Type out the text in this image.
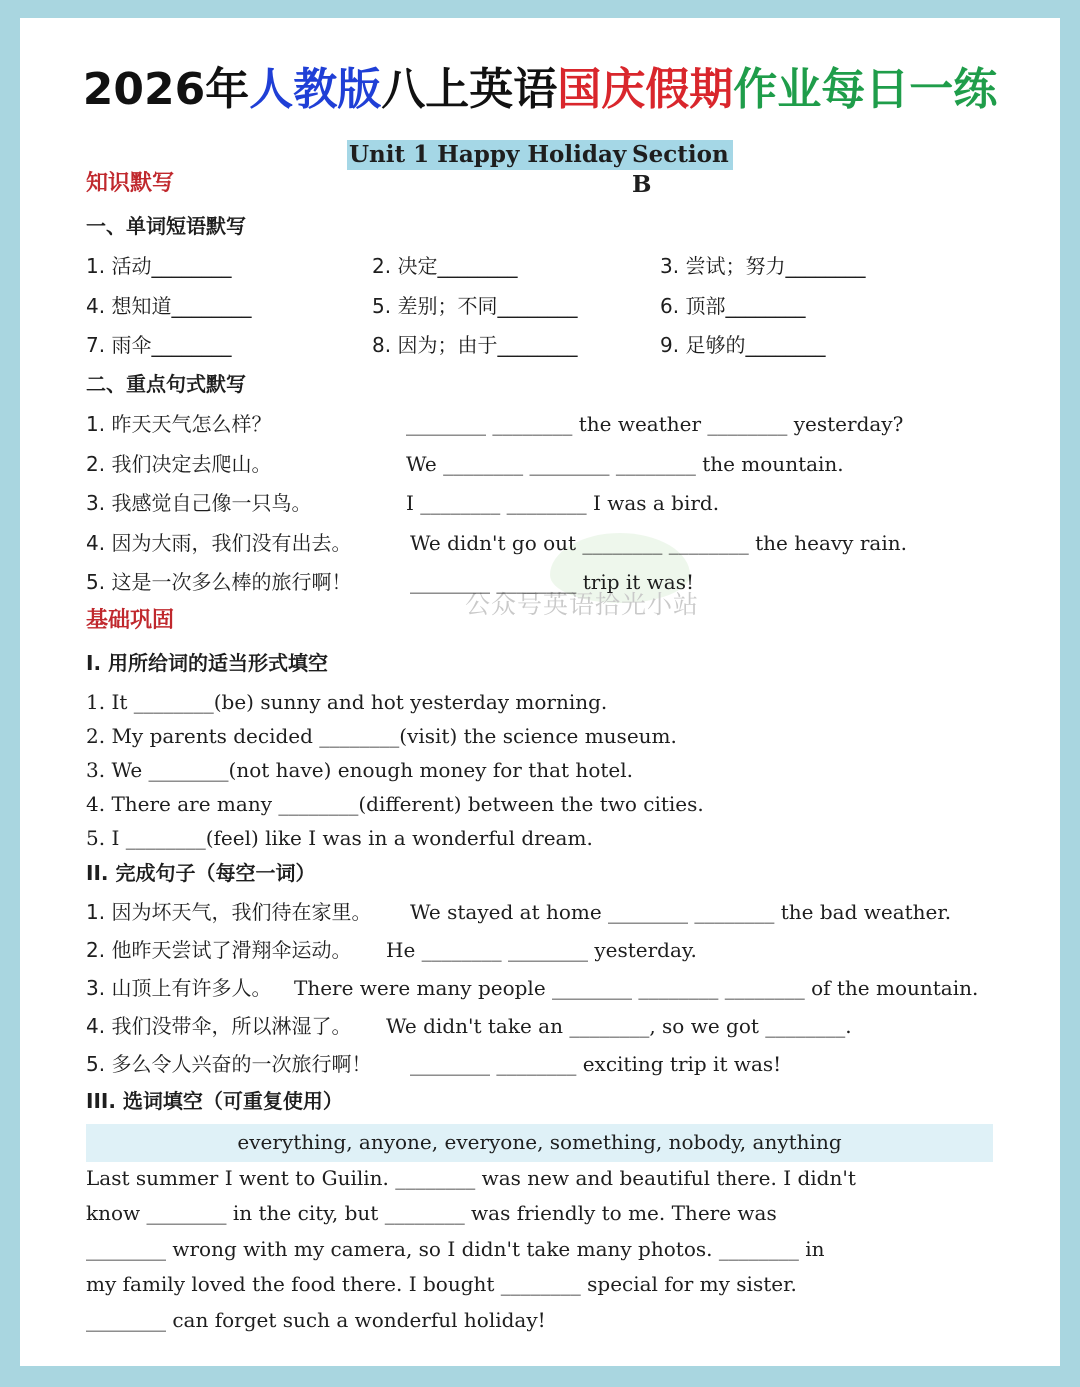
2026年人教版八上英语国庆假期作业每日一练
Unit 1 Happy Holiday Section B
公众号英语拾光小站
知识默写
一、单词短语默写
1. 活动________	2. 决定________	3. 尝试；努力________
4. 想知道________	5. 差别；不同________	6. 顶部________
7. 雨伞________	8. 因为；由于________	9. 足够的________
二、重点句式默写
1. 昨天天气怎么样？	________ ________ the weather ________ yesterday?
2. 我们决定去爬山。	We ________ ________ ________ the mountain.
3. 我感觉自己像一只鸟。	I ________ ________ I was a bird.
4. 因为大雨，我们没有出去。	We didn't go out ________ ________ the heavy rain.
5. 这是一次多么棒的旅行啊！	________ ________ trip it was!
基础巩固
I. 用所给词的适当形式填空
1. It ________(be) sunny and hot yesterday morning.
2. My parents decided ________(visit) the science museum.
3. We ________(not have) enough money for that hotel.
4. There are many ________(different) between the two cities.
5. I ________(feel) like I was in a wonderful dream.
II. 完成句子（每空一词）
1. 因为坏天气，我们待在家里。 We stayed at home ________ ________ the bad weather.
2. 他昨天尝试了滑翔伞运动。 He ________ ________ yesterday.
3. 山顶上有许多人。 There were many people ________ ________ ________ of the mountain.
4. 我们没带伞，所以淋湿了。 We didn't take an ________, so we got ________.
5. 多么令人兴奋的一次旅行啊！ ________ ________ exciting trip it was!
III. 选词填空（可重复使用）
everything, anyone, everyone, something, nobody, anything
Last summer I went to Guilin. ________ was new and beautiful there. I didn't
know ________ in the city, but ________ was friendly to me. There was
________ wrong with my camera, so I didn't take many photos. ________ in
my family loved the food there. I bought ________ special for my sister.
________ can forget such a wonderful holiday!
